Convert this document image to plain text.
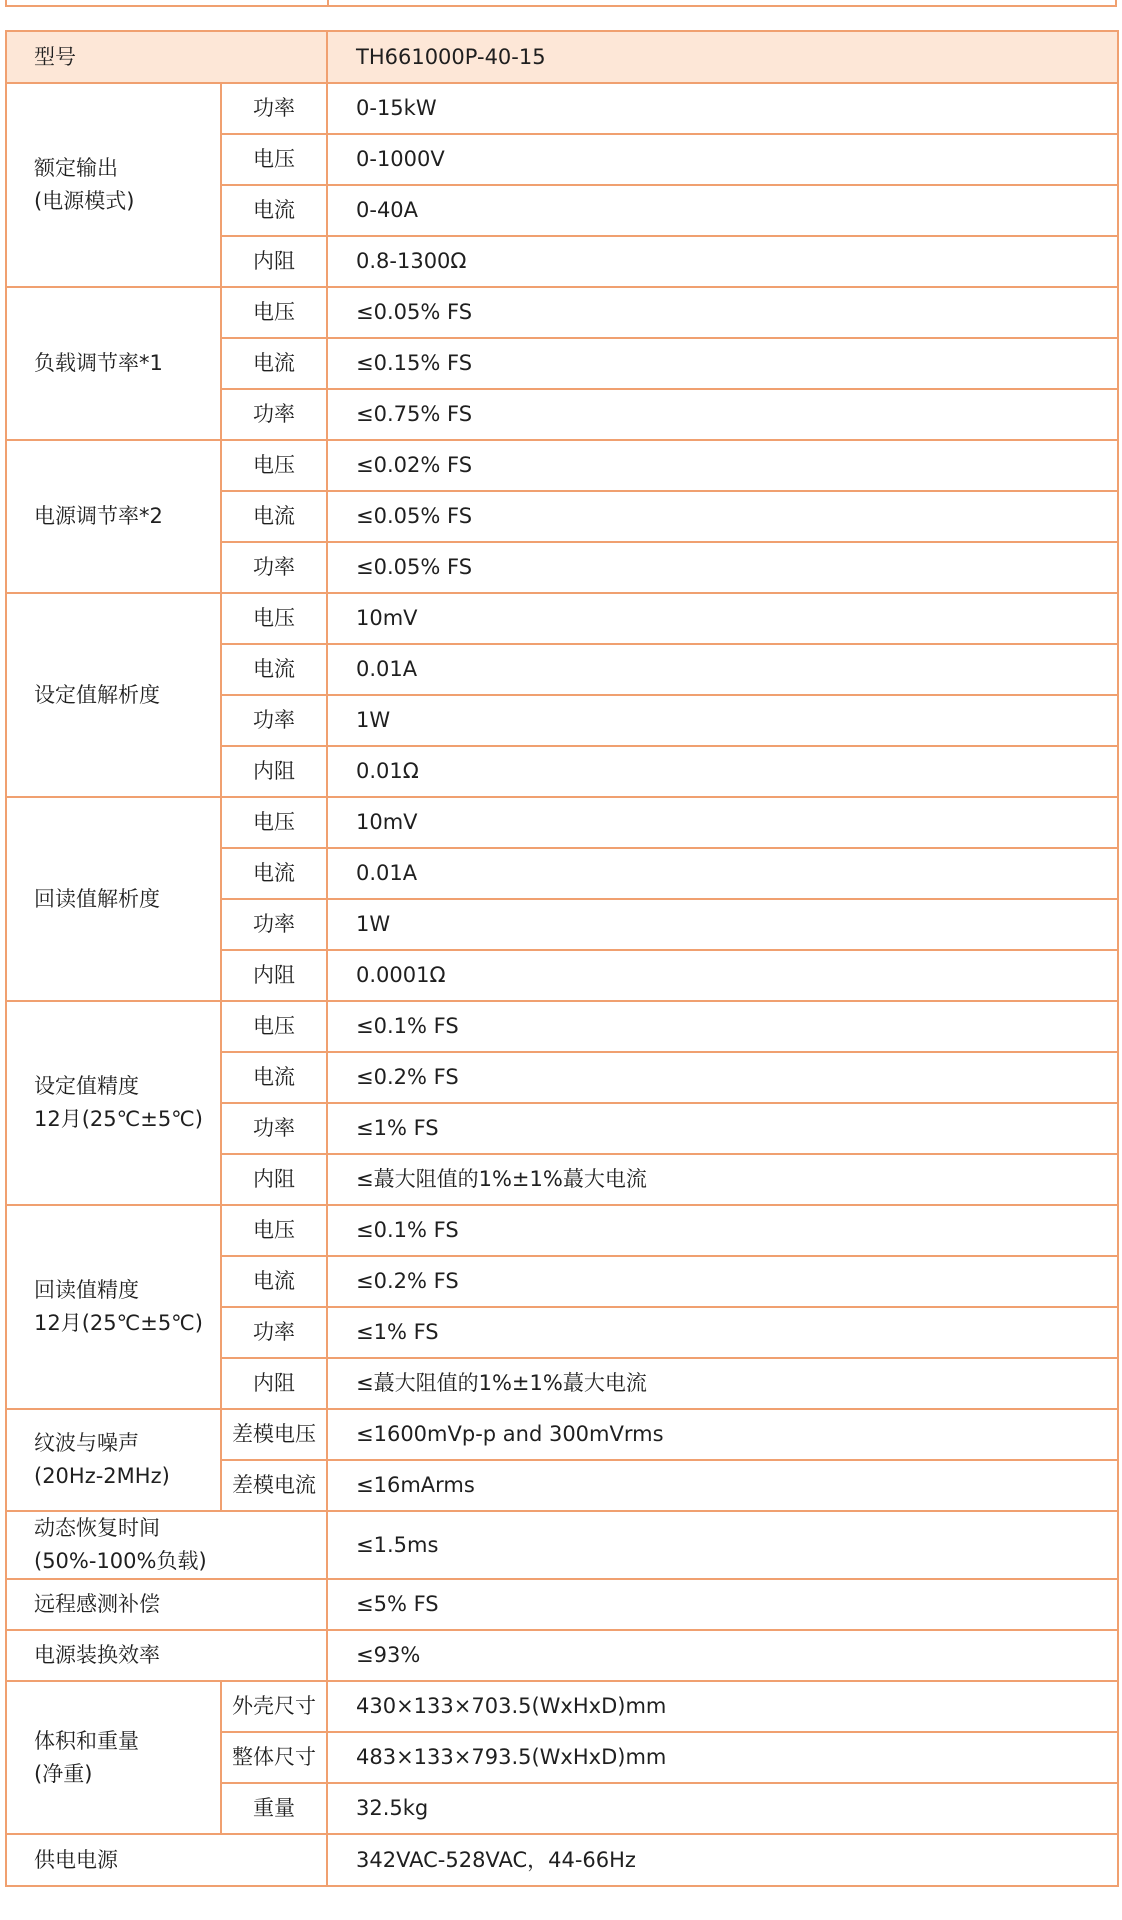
型号		TH661000P-40-15

额定输出
(电源模式)	功率	0-15kW
	电压	0-1000V
	电流	0-40A
	内阻	0.8-1300Ω

负载调节率*1	电压	≤0.05% FS
	电流	≤0.15% FS
	功率	≤0.75% FS

电源调节率*2	电压	≤0.02% FS
	电流	≤0.05% FS
	功率	≤0.05% FS

设定值解析度	电压	10mV
	电流	0.01A
	功率	1W
	内阻	0.01Ω

回读值解析度	电压	10mV
	电流	0.01A
	功率	1W
	内阻	0.0001Ω

设定值精度
12月(25℃±5℃)	电压	≤0.1% FS
	电流	≤0.2% FS
	功率	≤1% FS
	内阻	≤蕞大阻值的1%±1%蕞大电流

回读值精度
12月(25℃±5℃)	电压	≤0.1% FS
	电流	≤0.2% FS
	功率	≤1% FS
	内阻	≤蕞大阻值的1%±1%蕞大电流

纹波与噪声
(20Hz-2MHz)	差模电压	≤1600mVp-p and 300mVrms
	差模电流	≤16mArms

动态恢复时间
(50%-100%负载)		≤1.5ms

远程感测补偿		≤5% FS

电源装换效率		≤93%

体积和重量
(净重)	外壳尺寸	430×133×703.5(WxHxD)mm
	整体尺寸	483×133×793.5(WxHxD)mm
	重量	32.5kg
供电电源		342VAC-528VAC，44-66Hz
